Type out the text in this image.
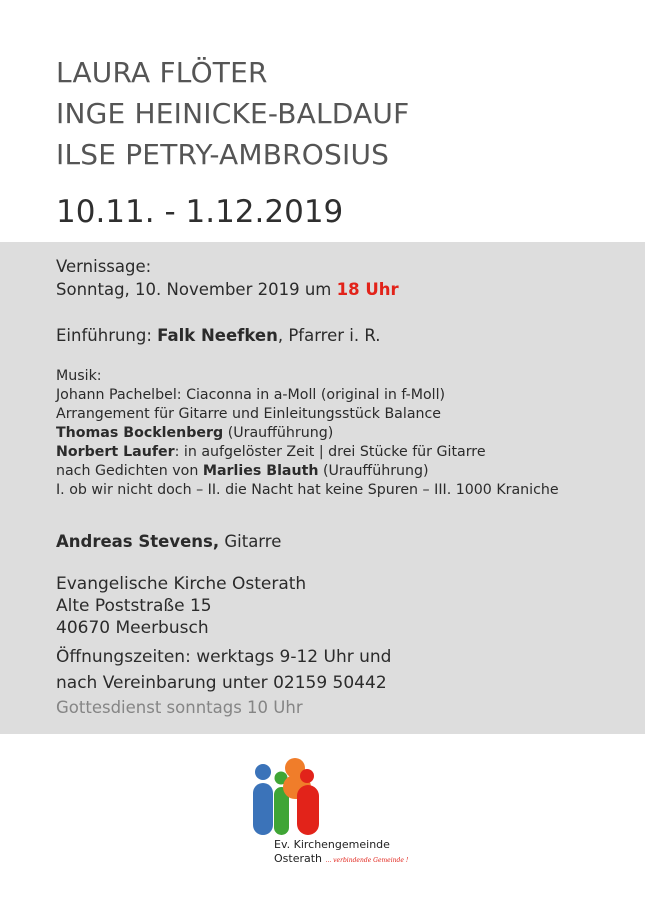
LAURA FLÖTER
INGE HEINICKE-BALDAUF
ILSE PETRY-AMBROSIUS
10.11. - 1.12.2019
Vernissage:
Sonntag, 10. November 2019 um 18 Uhr
Einführung: Falk Neefken, Pfarrer i. R.
Musik:
Johann Pachelbel: Ciaconna in a-Moll (original in f-Moll)
Arrangement für Gitarre und Einleitungsstück Balance
Thomas Bocklenberg (Uraufführung)
Norbert Laufer: in aufgelöster Zeit | drei Stücke für Gitarre
nach Gedichten von Marlies Blauth (Uraufführung)
I. ob wir nicht doch – II. die Nacht hat keine Spuren – III. 1000 Kraniche
Andreas Stevens, Gitarre
Evangelische Kirche Osterath
Alte Poststraße 15
40670 Meerbusch
Öffnungszeiten: werktags 9-12 Uhr und
nach Vereinbarung unter 02159 50442
Gottesdienst sonntags 10 Uhr
Ev. Kirchengemeinde
Osterath ... verbindende Gemeinde !
